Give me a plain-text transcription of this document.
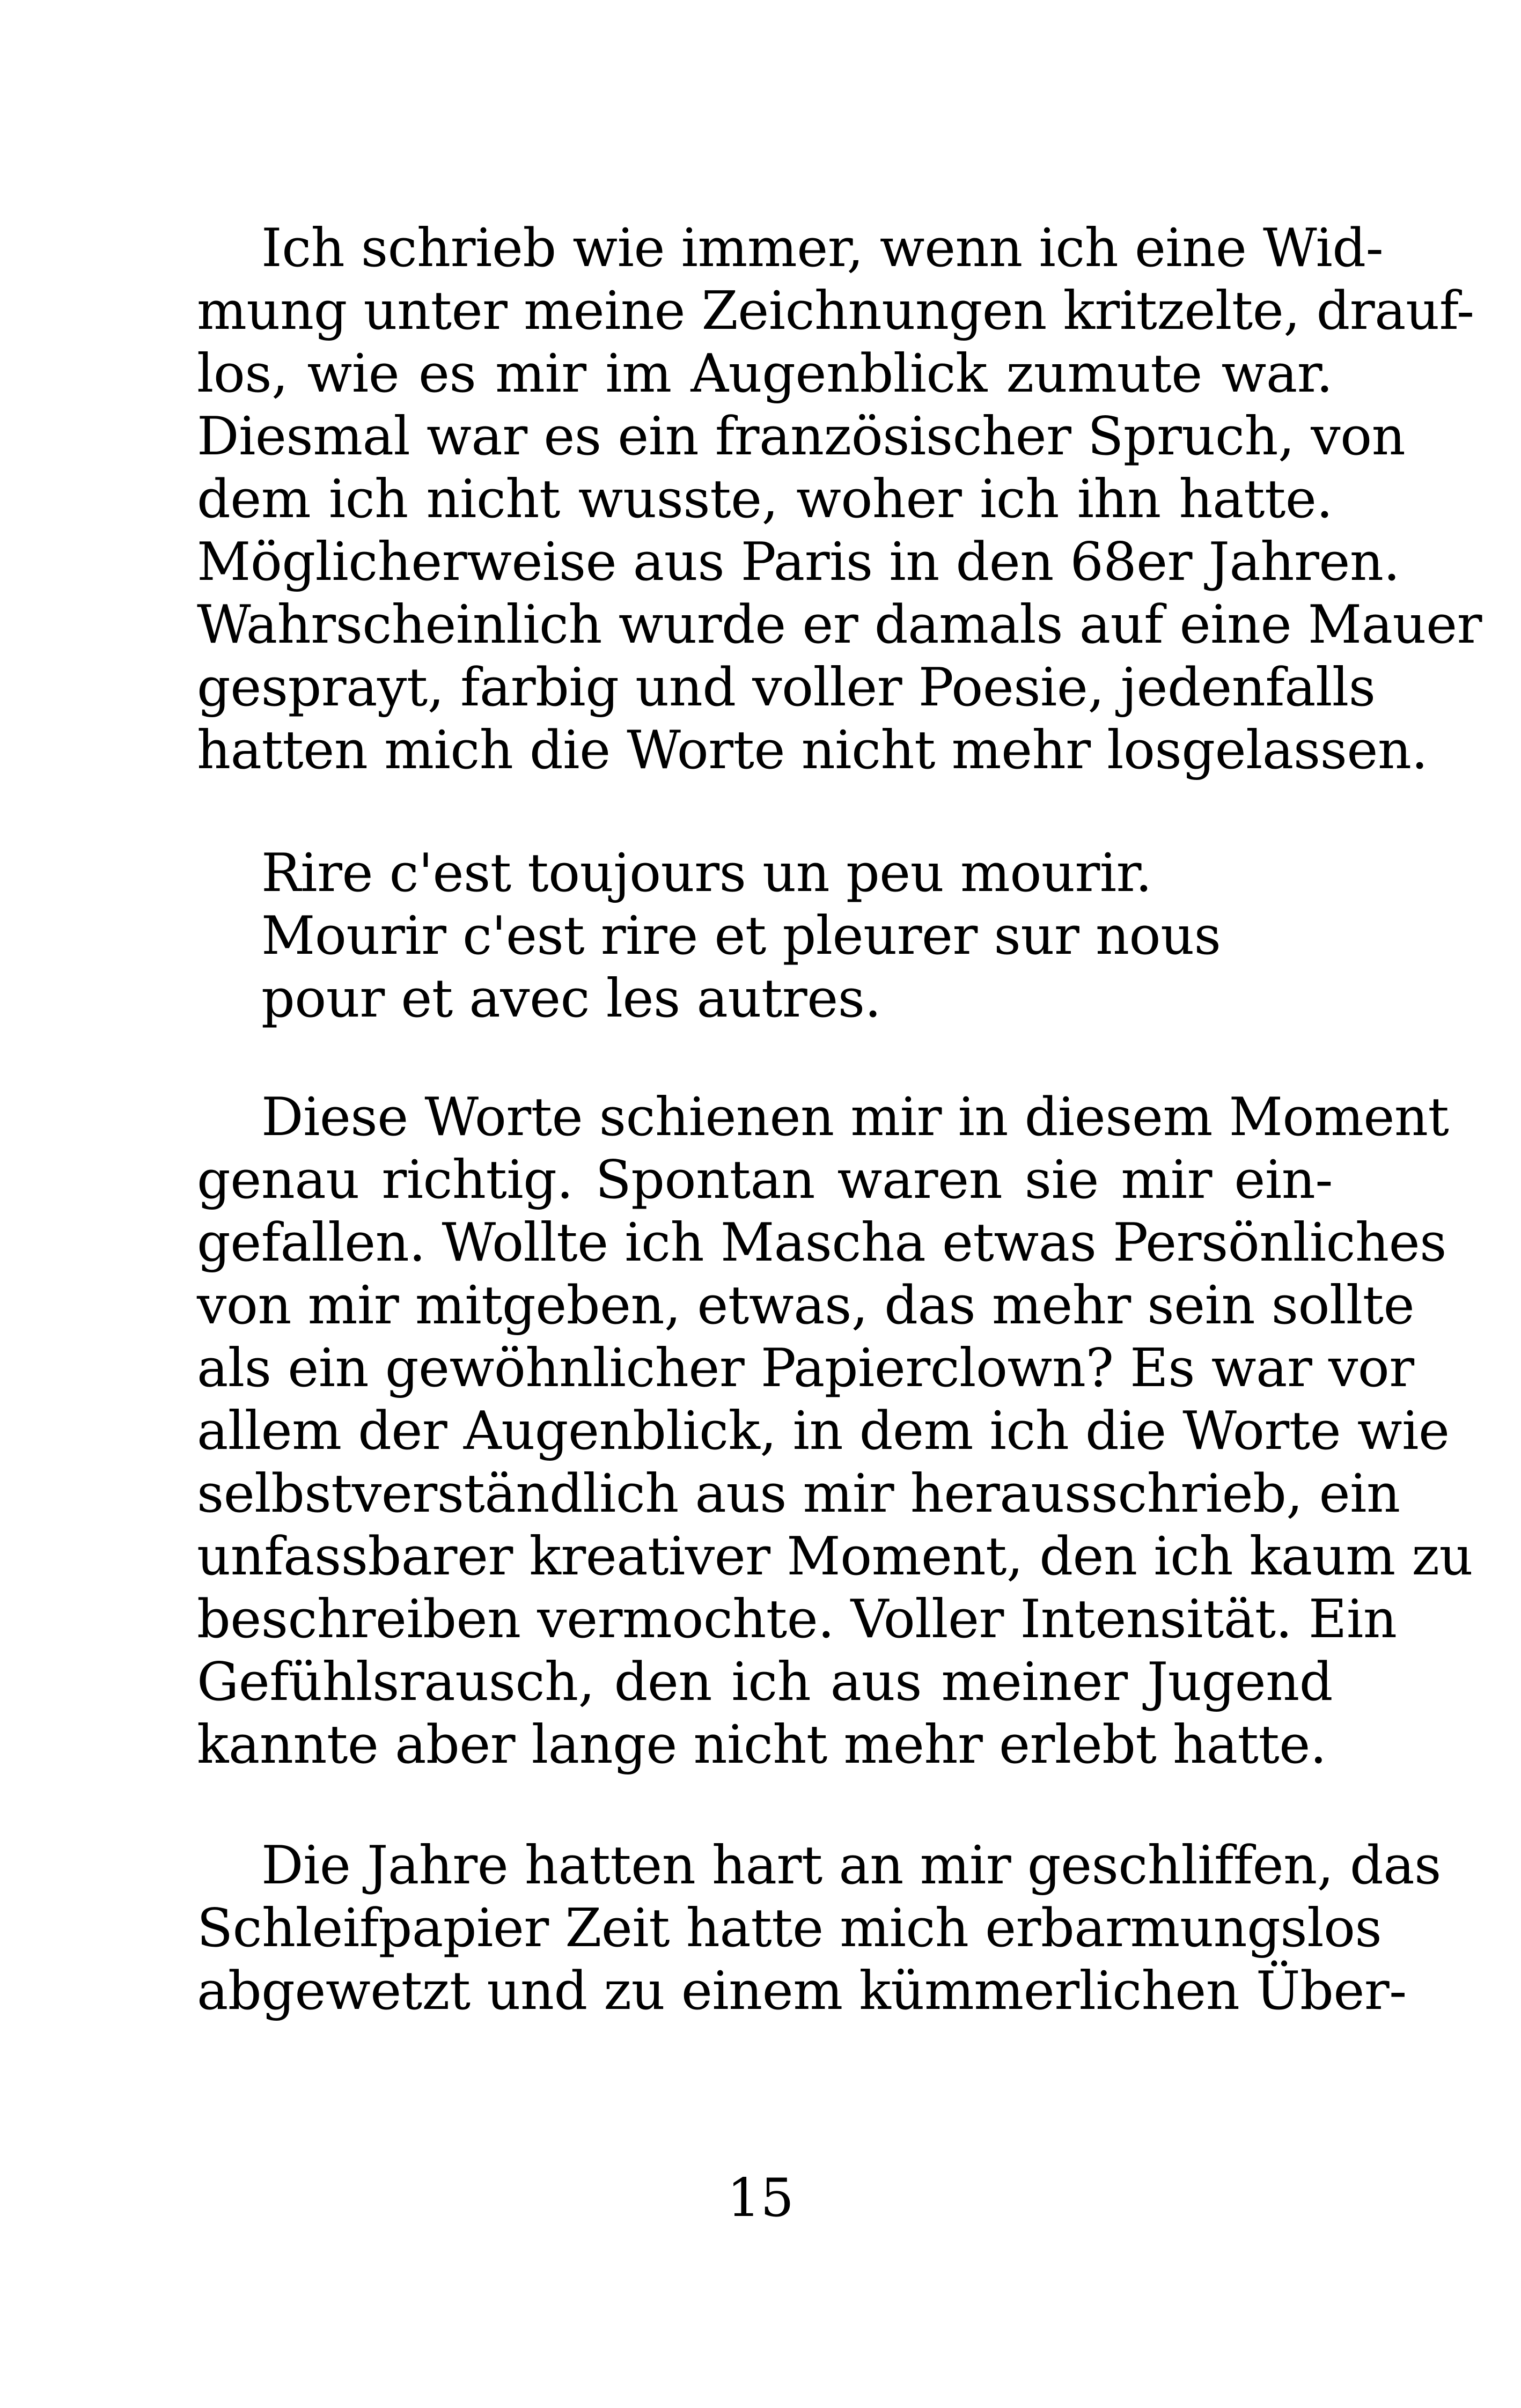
Ich schrieb wie immer, wenn ich eine Wid-
mung unter meine Zeichnungen kritzelte, drauf-
los, wie es mir im Augenblick zumute war.
Diesmal war es ein französischer Spruch, von
dem ich nicht wusste, woher ich ihn hatte.
Möglicherweise aus Paris in den 68er Jahren.
Wahrscheinlich wurde er damals auf eine Mauer
gesprayt, farbig und voller Poesie, jedenfalls
hatten mich die Worte nicht mehr losgelassen.
Rire c'est toujours un peu mourir.
Mourir c'est rire et pleurer sur nous
pour et avec les autres.
Diese Worte schienen mir in diesem Moment
genau richtig. Spontan waren sie mir ein-
gefallen. Wollte ich Mascha etwas Persönliches
von mir mitgeben, etwas, das mehr sein sollte
als ein gewöhnlicher Papierclown? Es war vor
allem der Augenblick, in dem ich die Worte wie
selbstverständlich aus mir herausschrieb, ein
unfassbarer kreativer Moment, den ich kaum zu
beschreiben vermochte. Voller Intensität. Ein
Gefühlsrausch, den ich aus meiner Jugend
kannte aber lange nicht mehr erlebt hatte.
Die Jahre hatten hart an mir geschliffen, das
Schleifpapier Zeit hatte mich erbarmungslos
abgewetzt und zu einem kümmerlichen Über-
15
